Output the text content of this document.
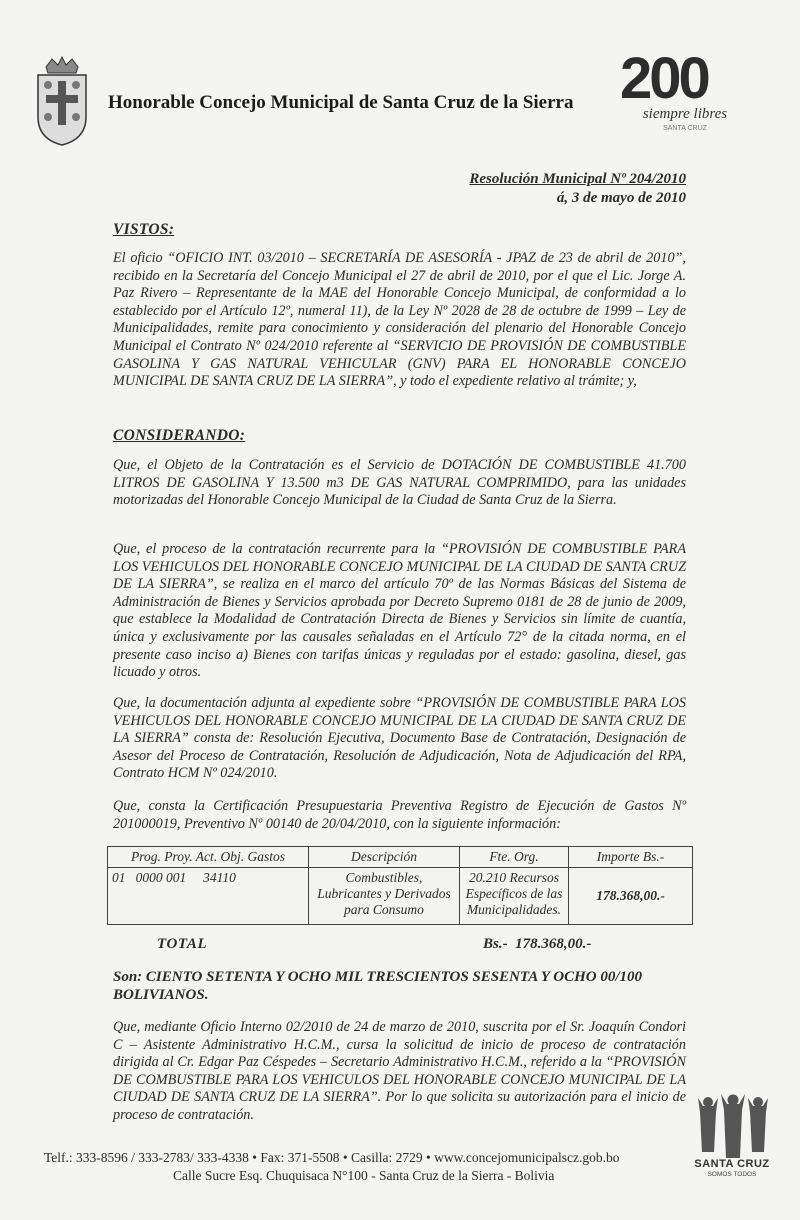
Honorable Concejo Municipal de Santa Cruz de la Sierra 200
siempre libres
SANTA CRUZ
Resolución Municipal Nº 204/2010
á, 3 de mayo de 2010
VISTOS:
El oficio “OFICIO INT. 03/2010 – SECRETARÍA DE ASESORÍA - JPAZ de 23 de abril de 2010”, recibido en la Secretaría del Concejo Municipal el 27 de abril de 2010, por el que el Lic. Jorge A. Paz Rivero – Representante de la MAE del Honorable Concejo Municipal, de conformidad a lo establecido por el Artículo 12º, numeral 11), de la Ley Nº 2028 de 28 de octubre de 1999 – Ley de Municipalidades, remite para conocimiento y consideración del plenario del Honorable Concejo Municipal el Contrato Nº 024/2010 referente al “SERVICIO DE PROVISIÓN DE COMBUSTIBLE GASOLINA Y GAS NATURAL VEHICULAR (GNV) PARA EL HONORABLE CONCEJO MUNICIPAL DE SANTA CRUZ DE LA SIERRA”, y todo el expediente relativo al trámite; y,
CONSIDERANDO:
Que, el Objeto de la Contratación es el Servicio de DOTACIÓN DE COMBUSTIBLE 41.700 LITROS DE GASOLINA Y 13.500 m3 DE GAS NATURAL COMPRIMIDO, para las unidades motorizadas del Honorable Concejo Municipal de la Ciudad de Santa Cruz de la Sierra.
Que, el proceso de la contratación recurrente para la “PROVISIÓN DE COMBUSTIBLE PARA LOS VEHICULOS DEL HONORABLE CONCEJO MUNICIPAL DE LA CIUDAD DE SANTA CRUZ DE LA SIERRA”, se realiza en el marco del artículo 70º de las Normas Básicas del Sistema de Administración de Bienes y Servicios aprobada por Decreto Supremo 0181 de 28 de junio de 2009, que establece la Modalidad de Contratación Directa de Bienes y Servicios sin límite de cuantía, única y exclusivamente por las causales señaladas en el Artículo 72° de la citada norma, en el presente caso inciso a) Bienes con tarifas únicas y reguladas por el estado: gasolina, diesel, gas licuado y otros.
Que, la documentación adjunta al expediente sobre “PROVISIÓN DE COMBUSTIBLE PARA LOS VEHICULOS DEL HONORABLE CONCEJO MUNICIPAL DE LA CIUDAD DE SANTA CRUZ DE LA SIERRA” consta de: Resolución Ejecutiva, Documento Base de Contratación, Designación de Asesor del Proceso de Contratación, Resolución de Adjudicación, Nota de Adjudicación del RPA, Contrato HCM Nº 024/2010.
Que, consta la Certificación Presupuestaria Preventiva Registro de Ejecución de Gastos Nº 201000019, Preventivo Nº 00140 de 20/04/2010, con la siguiente información:
Prog. Proy. Act. Obj. Gastos	Descripción	Fte. Org.	Importe Bs.-
01   0000 001     34110	Combustibles, Lubricantes y Derivados para Consumo	20.210 Recursos Específicos de las Municipalidades.	178.368,00.-
TOTAL	Bs.-  178.368,00.-
Son: CIENTO SETENTA Y OCHO MIL TRESCIENTOS SESENTA Y OCHO 00/100 BOLIVIANOS.
Que, mediante Oficio Interno 02/2010 de 24 de marzo de 2010, suscrita por el Sr. Joaquín Condori C – Asistente Administrativo H.C.M., cursa la solicitud de inicio de proceso de contratación dirigida al Cr. Edgar Paz Céspedes – Secretario Administrativo H.C.M., referido a la “PROVISIÓN DE COMBUSTIBLE PARA LOS VEHICULOS DEL HONORABLE CONCEJO MUNICIPAL DE LA CIUDAD DE SANTA CRUZ DE LA SIERRA”. Por lo que solicita su autorización para el inicio de proceso de contratación.
Telf.: 333-8596 / 333-2783/ 333-4338 • Fax: 371-5508 • Casilla: 2729 • www.concejomunicipalscz.gob.bo
Calle Sucre Esq. Chuquisaca N°100 - Santa Cruz de la Sierra - Bolivia
SANTA CRUZ
SOMOS TODOS
